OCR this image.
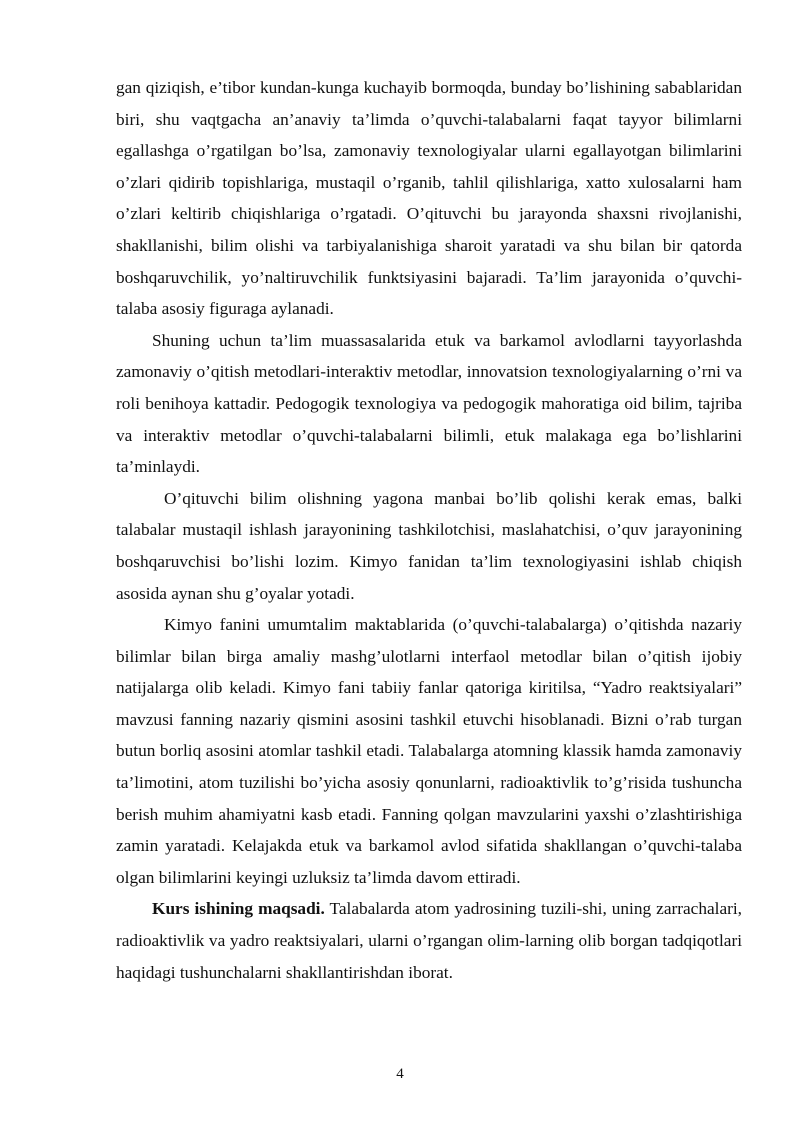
gan qiziqish, e’tibor kundan-kunga kuchayib bormoqda, bunday bo’lishining sabablaridan biri, shu vaqtgacha an’anaviy ta’limda o’quvchi-talabalarni faqat tayyor bilimlarni egallashga o’rgatilgan bo’lsa, zamonaviy texnologiyalar ularni egallayotgan bilimlarini o’zlari qidirib topishlariga, mustaqil o’rganib, tahlil qilishlariga, xatto xulosalarni ham o’zlari keltirib chiqishlariga o’rgatadi. O’qituvchi bu jarayonda shaxsni rivojlanishi, shakllanishi, bilim olishi va tarbiyalanishiga sharoit yaratadi va shu bilan bir qatorda boshqaruvchilik, yo’naltiruvchilik funktsiyasini bajaradi. Ta’lim jarayonida o’quvchi-talaba asosiy figuraga aylanadi.

Shuning uchun ta’lim muassasalarida etuk va barkamol avlodlarni tayyorlashda zamonaviy o’qitish metodlari-interaktiv metodlar, innovatsion texnologiyalarning o’rni va roli benihoya kattadir. Pedogogik texnologiya va pedogogik mahoratiga oid bilim, tajriba va interaktiv metodlar o’quvchi-talabalarni bilimli, etuk malakaga ega bo’lishlarini ta’minlaydi.

O’qituvchi bilim olishning yagona manbai bo’lib qolishi kerak emas, balki talabalar mustaqil ishlash jarayonining tashkilotchisi, maslahatchisi, o’quv jarayonining boshqaruvchisi bo’lishi lozim. Kimyo fanidan ta’lim texnologiyasini ishlab chiqish asosida aynan shu g’oyalar yotadi.

Kimyo fanini umumtalim maktablarida (o’quvchi-talabalarga) o’qitishda nazariy bilimlar bilan birga amaliy mashg’ulotlarni interfaol metodlar bilan o’qitish ijobiy natijalarga olib keladi. Kimyo fani tabiiy fanlar qatoriga kiritilsa, “Yadro reaktsiyalari” mavzusi fanning nazariy qismini asosini tashkil etuvchi hisoblanadi. Bizni o’rab turgan butun borliq asosini atomlar tashkil etadi. Talabalarga atomning klassik hamda zamonaviy ta’limotini, atom tuzilishi bo’yicha asosiy qonunlarni, radioaktivlik to’g’risida tushuncha berish muhim ahamiyatni kasb etadi. Fanning qolgan mavzularini yaxshi o’zlashtirishiga zamin yaratadi. Kelajakda etuk va barkamol avlod sifatida shakllangan o’quvchi-talaba olgan bilimlarini keyingi uzluksiz ta’limda davom ettiradi.

Kurs ishining maqsadi. Talabalarda atom yadrosining tuzili-shi, uning zarrachalari, radioaktivlik va yadro reaktsiyalari, ularni o’rgangan olim-larning olib borgan tadqiqotlari haqidagi tushunchalarni shakllantirishdan iborat.

4
